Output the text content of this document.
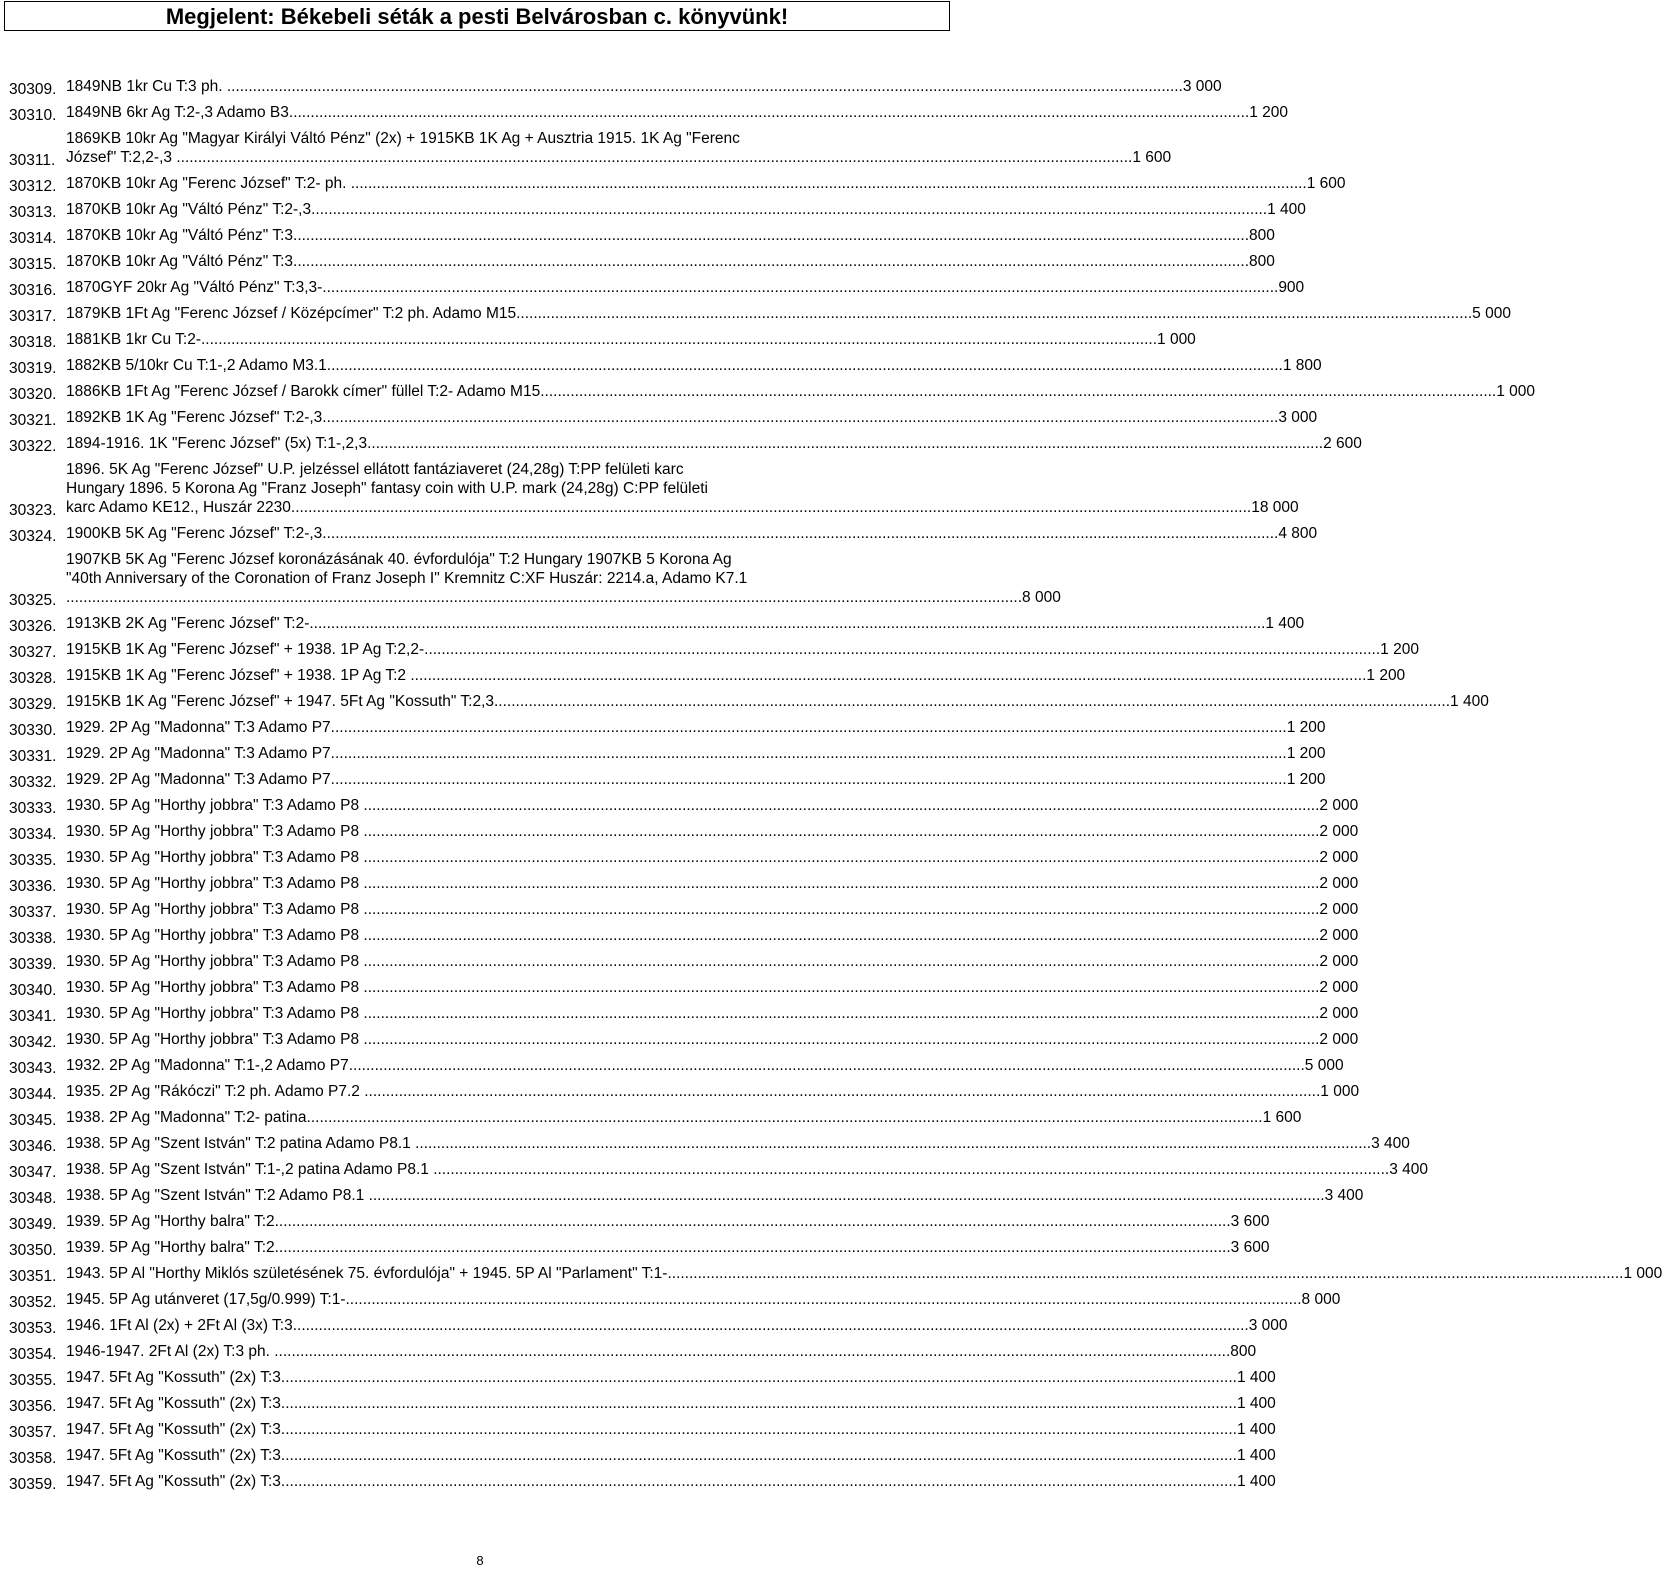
Megjelent: Békebeli séták a pesti Belvárosban c. könyvünk!
30309. 1849NB 1kr Cu T:3 ph. .....	3 000
30310. 1849NB 6kr Ag T:2-,3 Adamo B3. .....	1 200
30311.
1869KB 10kr Ag "Magyar Királyi Váltó Pénz" (2x) + 1915KB 1K Ag + Ausztria 1915. 1K Ag "Ferenc
József" T:2,2-,3 .....	1 600
30312. 1870KB 10kr Ag "Ferenc József" T:2- ph. .....	1 600
30313. 1870KB 10kr Ag "Váltó Pénz" T:2-,3 .....	1 400
30314. 1870KB 10kr Ag "Váltó Pénz" T:3 .....	800
30315. 1870KB 10kr Ag "Váltó Pénz" T:3 .....	800
30316. 1870GYF 20kr Ag "Váltó Pénz" T:3,3- .....	900
30317. 1879KB 1Ft Ag "Ferenc József / Középcímer" T:2 ph. Adamo M15 .....	5 000
30318. 1881KB 1kr Cu T:2- .....	1 000
30319. 1882KB 5/10kr Cu T:1-,2 Adamo M3.1 .....	1 800
30320. 1886KB 1Ft Ag "Ferenc József / Barokk címer" füllel T:2- Adamo M15 .....	1 000
30321. 1892KB 1K Ag "Ferenc József" T:2-,3 .....	3 000
30322. 1894-1916. 1K "Ferenc József" (5x) T:1-,2,3 .....	2 600
30323.
1896. 5K Ag "Ferenc József" U.P. jelzéssel ellátott fantáziaveret (24,28g) T:PP felületi karc
Hungary 1896. 5 Korona Ag "Franz Joseph" fantasy coin with U.P. mark (24,28g) C:PP felületi
karc Adamo KE12., Huszár 2230. .....	18 000
30324. 1900KB 5K Ag "Ferenc József" T:2-,3 .....	4 800
30325.
1907KB 5K Ag "Ferenc József koronázásának 40. évfordulója" T:2 Hungary 1907KB 5 Korona Ag
"40th Anniversary of the Coronation of Franz Joseph I" Kremnitz C:XF Huszár: 2214.a, Adamo K7.1
..... 8 000
30326. 1913KB 2K Ag "Ferenc József" T:2- .....	1 400
30327. 1915KB 1K Ag "Ferenc József" + 1938. 1P Ag T:2,2- .....	1 200
30328. 1915KB 1K Ag "Ferenc József" + 1938. 1P Ag T:2 .....	1 200
30329. 1915KB 1K Ag "Ferenc József" + 1947. 5Ft Ag "Kossuth" T:2,3 .....	1 400
30330. 1929. 2P Ag "Madonna" T:3 Adamo P7 .....	1 200
30331. 1929. 2P Ag "Madonna" T:3 Adamo P7 .....	1 200
30332. 1929. 2P Ag "Madonna" T:3 Adamo P7 .....	1 200
30333. 1930. 5P Ag "Horthy jobbra" T:3 Adamo P8 .....	2 000
30334. 1930. 5P Ag "Horthy jobbra" T:3 Adamo P8 .....	2 000
30335. 1930. 5P Ag "Horthy jobbra" T:3 Adamo P8 .....	2 000
30336. 1930. 5P Ag "Horthy jobbra" T:3 Adamo P8 .....	2 000
30337. 1930. 5P Ag "Horthy jobbra" T:3 Adamo P8 .....	2 000
30338. 1930. 5P Ag "Horthy jobbra" T:3 Adamo P8 .....	2 000
30339. 1930. 5P Ag "Horthy jobbra" T:3 Adamo P8 .....	2 000
30340. 1930. 5P Ag "Horthy jobbra" T:3 Adamo P8 .....	2 000
30341. 1930. 5P Ag "Horthy jobbra" T:3 Adamo P8 .....	2 000
30342. 1930. 5P Ag "Horthy jobbra" T:3 Adamo P8 .....	2 000
30343. 1932. 2P Ag "Madonna" T:1-,2 Adamo P7 .....	5 000
30344. 1935. 2P Ag "Rákóczi" T:2 ph. Adamo P7.2 .....	1 000
30345. 1938. 2P Ag "Madonna" T:2- patina .....	1 600
30346. 1938. 5P Ag "Szent István" T:2 patina Adamo P8.1 .....	3 400
30347. 1938. 5P Ag "Szent István" T:1-,2 patina Adamo P8.1 .....	3 400
30348. 1938. 5P Ag "Szent István" T:2 Adamo P8.1 .....	3 400
30349. 1939. 5P Ag "Horthy balra" T:2 .....	3 600
30350. 1939. 5P Ag "Horthy balra" T:2 .....	3 600
30351. 1943. 5P Al "Horthy Miklós születésének 75. évfordulója" + 1945. 5P Al "Parlament" T:1- .....	1 000
30352. 1945. 5P Ag utánveret (17,5g/0.999) T:1- .....	8 000
30353. 1946. 1Ft Al (2x) + 2Ft Al (3x) T:3 .....	3 000
30354. 1946-1947. 2Ft Al (2x) T:3 ph. .....	800
30355. 1947. 5Ft Ag "Kossuth" (2x) T:3 .....	1 400
30356. 1947. 5Ft Ag "Kossuth" (2x) T:3 .....	1 400
30357. 1947. 5Ft Ag "Kossuth" (2x) T:3 .....	1 400
30358. 1947. 5Ft Ag "Kossuth" (2x) T:3 .....	1 400
30359. 1947. 5Ft Ag "Kossuth" (2x) T:3 .....	1 400
8
